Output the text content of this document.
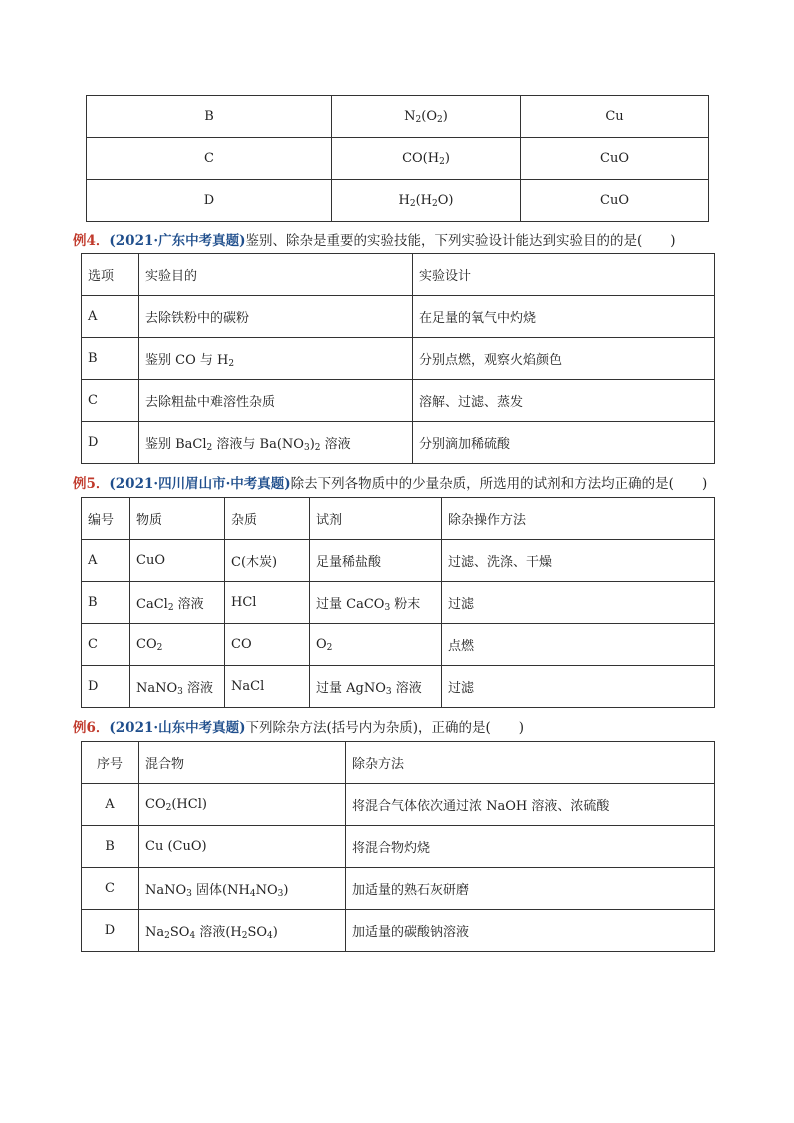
B	$N_2(O_2)$	Cu
C	$CO(H_2)$	CuO
D	$H_2(H_2O)$	CuO
例4．(2021·广东中考真题)鉴别、除杂是重要的实验技能，下列实验设计能达到实验目的的是( )
选项	实验目的	实验设计
A	去除铁粉中的碳粉	在足量的氧气中灼烧
B	鉴别 CO 与 $H_2$	分别点燃，观察火焰颜色
C	去除粗盐中难溶性杂质	溶解、过滤、蒸发
D	鉴别 BaCl$_2$ 溶液与 $Ba(NO_3)_2$ 溶液	分别滴加稀硫酸
例5．(2021·四川眉山市·中考真题)除去下列各物质中的少量杂质，所选用的试剂和方法均正确的是( )
编号	物质	杂质	试剂	除杂操作方法
A	CuO	C(木炭)	足量稀盐酸	过滤、洗涤、干燥
B	CaCl$_2$ 溶液	HCl	过量 CaCO$_3$ 粉末	过滤
C	$CO_2$	CO	$O_2$	点燃
D	NaNO$_3$ 溶液	NaCl	过量 AgNO$_3$ 溶液	过滤
例6．(2021·山东中考真题)下列除杂方法(括号内为杂质)，正确的是( )
序号	混合物	除杂方法
A	$CO_2(HCl)$	将混合气体依次通过浓 NaOH 溶液、浓硫酸
B	Cu (CuO)	将混合物灼烧
C	NaNO$_3$ 固体$(NH_4NO_3)$	加适量的熟石灰研磨
D	$Na_2SO_4$ 溶液$(H_2SO_4)$	加适量的碳酸钠溶液
